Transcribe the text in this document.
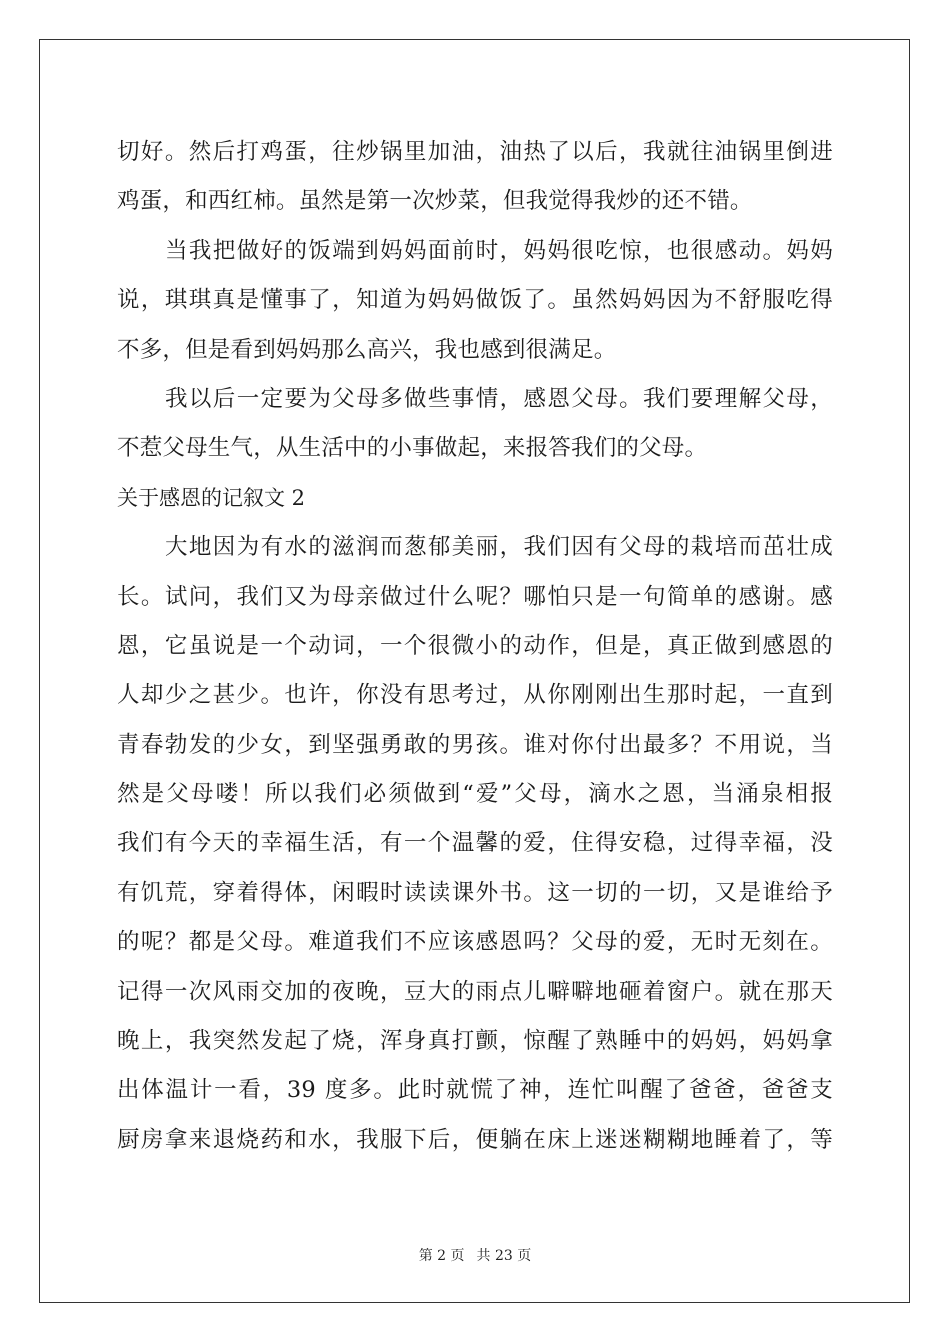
切好。然后打鸡蛋，往炒锅里加油，油热了以后，我就往油锅里倒进
鸡蛋，和西红柿。虽然是第一次炒菜，但我觉得我炒的还不错。
当我把做好的饭端到妈妈面前时，妈妈很吃惊，也很感动。妈妈
说，琪琪真是懂事了，知道为妈妈做饭了。虽然妈妈因为不舒服吃得
不多，但是看到妈妈那么高兴，我也感到很满足。
我以后一定要为父母多做些事情，感恩父母。我们要理解父母，
不惹父母生气，从生活中的小事做起，来报答我们的父母。
关于感恩的记叙文 2
大地因为有水的滋润而葱郁美丽，我们因有父母的栽培而茁壮成
长。试问，我们又为母亲做过什么呢？哪怕只是一句简单的感谢。感
恩，它虽说是一个动词，一个很微小的动作，但是，真正做到感恩的
人却少之甚少。也许，你没有思考过，从你刚刚出生那时起，一直到
青春勃发的少女，到坚强勇敢的男孩。谁对你付出最多？不用说，当
然是父母喽！所以我们必须做到“爱”父母，滴水之恩，当涌泉相报
我们有今天的幸福生活，有一个温馨的爱，住得安稳，过得幸福，没
有饥荒，穿着得体，闲暇时读读课外书。这一切的一切，又是谁给予
的呢？都是父母。难道我们不应该感恩吗？父母的爱，无时无刻在。
记得一次风雨交加的夜晚，豆大的雨点儿噼噼地砸着窗户。就在那天
晚上，我突然发起了烧，浑身真打颤，惊醒了熟睡中的妈妈，妈妈拿
出体温计一看，39 度多。此时就慌了神，连忙叫醒了爸爸，爸爸支
厨房拿来退烧药和水，我服下后，便躺在床上迷迷糊糊地睡着了，等
第 2 页 共 23 页
